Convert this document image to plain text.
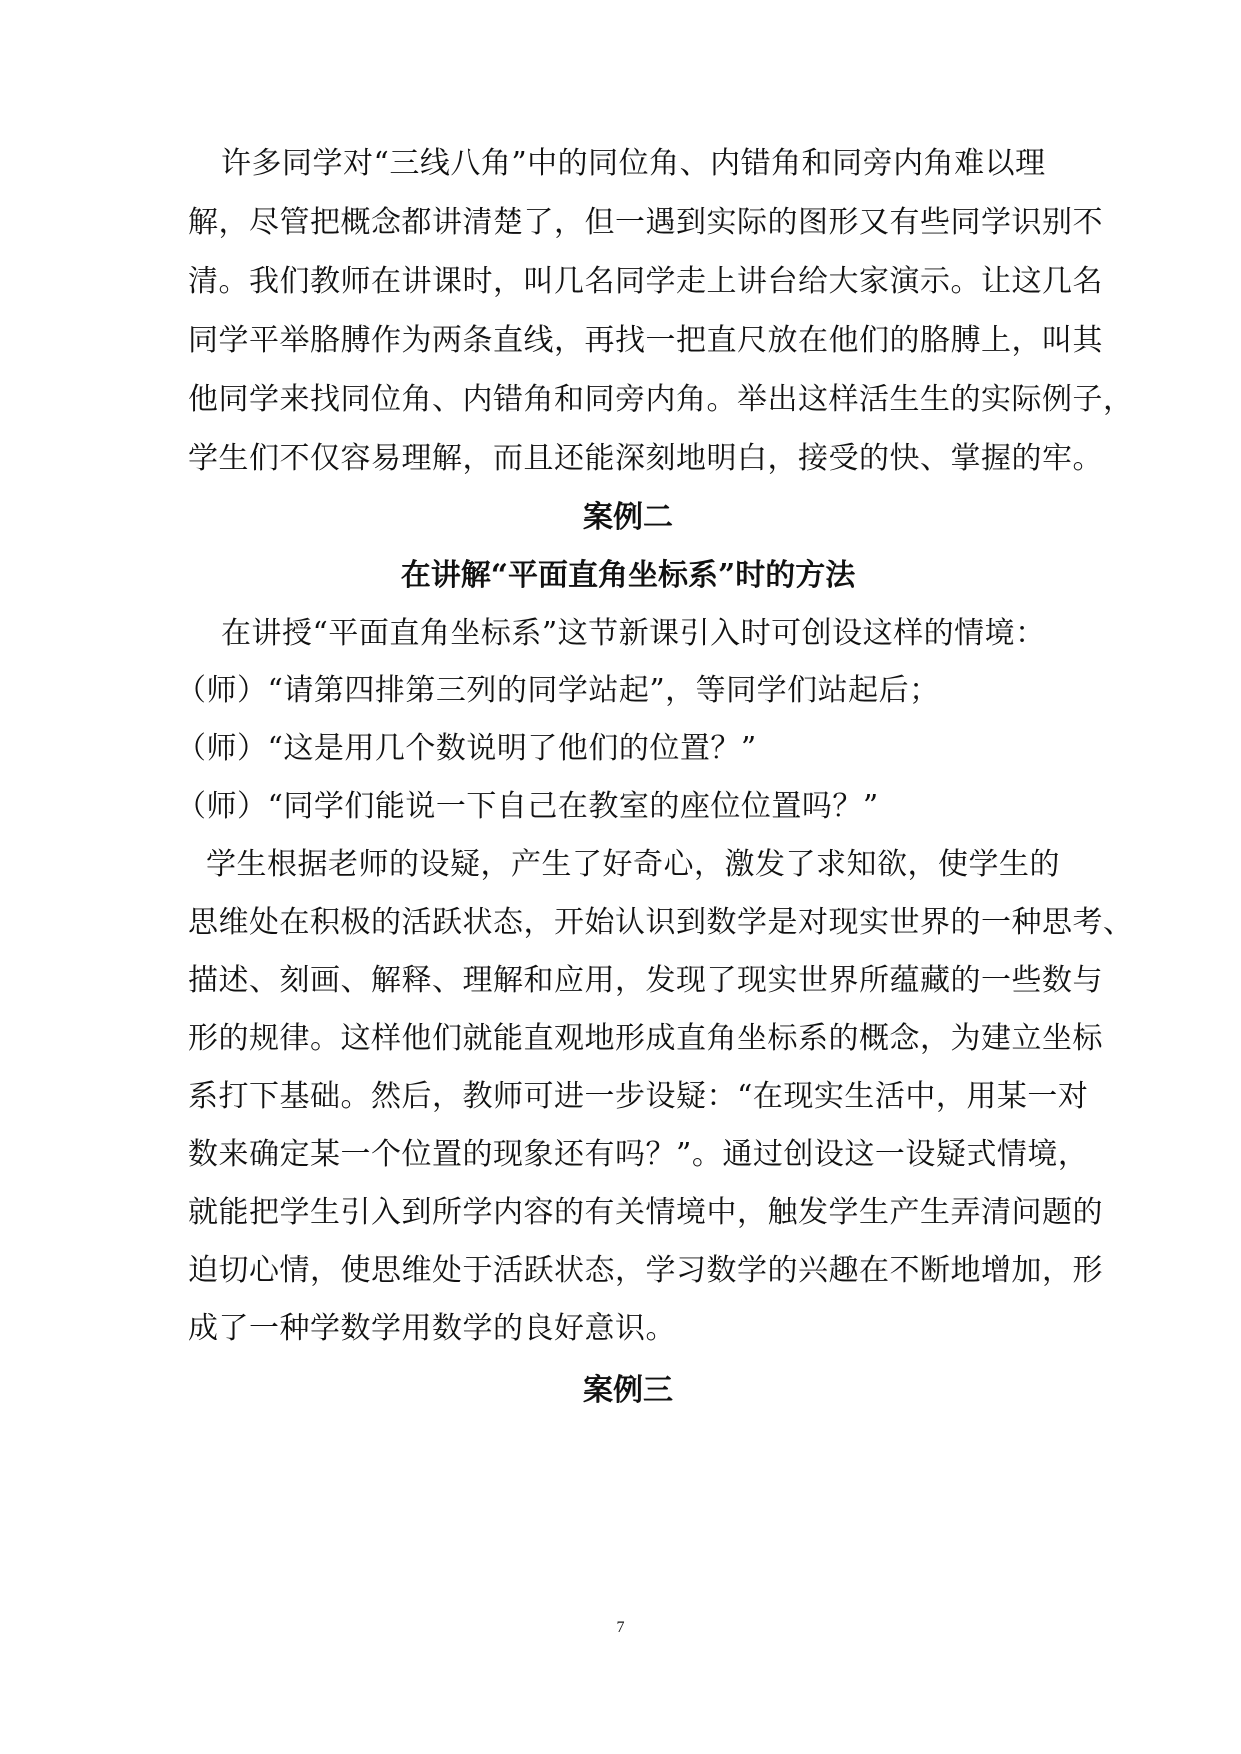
许多同学对“三线八角”中的同位角、内错角和同旁内角难以理
解，尽管把概念都讲清楚了，但一遇到实际的图形又有些同学识别不
清。我们教师在讲课时，叫几名同学走上讲台给大家演示。让这几名
同学平举胳膊作为两条直线，再找一把直尺放在他们的胳膊上，叫其
他同学来找同位角、内错角和同旁内角。举出这样活生生的实际例子，
学生们不仅容易理解，而且还能深刻地明白，接受的快、掌握的牢。
案例二
在讲解“平面直角坐标系”时的方法
在讲授“平面直角坐标系”这节新课引入时可创设这样的情境：
（师）“请第四排第三列的同学站起”，等同学们站起后；
（师）“这是用几个数说明了他们的位置？”
（师）“同学们能说一下自己在教室的座位位置吗？”
学生根据老师的设疑，产生了好奇心，激发了求知欲，使学生的
思维处在积极的活跃状态，开始认识到数学是对现实世界的一种思考、
描述、刻画、解释、理解和应用，发现了现实世界所蕴藏的一些数与
形的规律。这样他们就能直观地形成直角坐标系的概念，为建立坐标
系打下基础。然后，教师可进一步设疑：“在现实生活中，用某一对
数来确定某一个位置的现象还有吗？”。通过创设这一设疑式情境，
就能把学生引入到所学内容的有关情境中，触发学生产生弄清问题的
迫切心情，使思维处于活跃状态，学习数学的兴趣在不断地增加，形
成了一种学数学用数学的良好意识。
案例三
7
